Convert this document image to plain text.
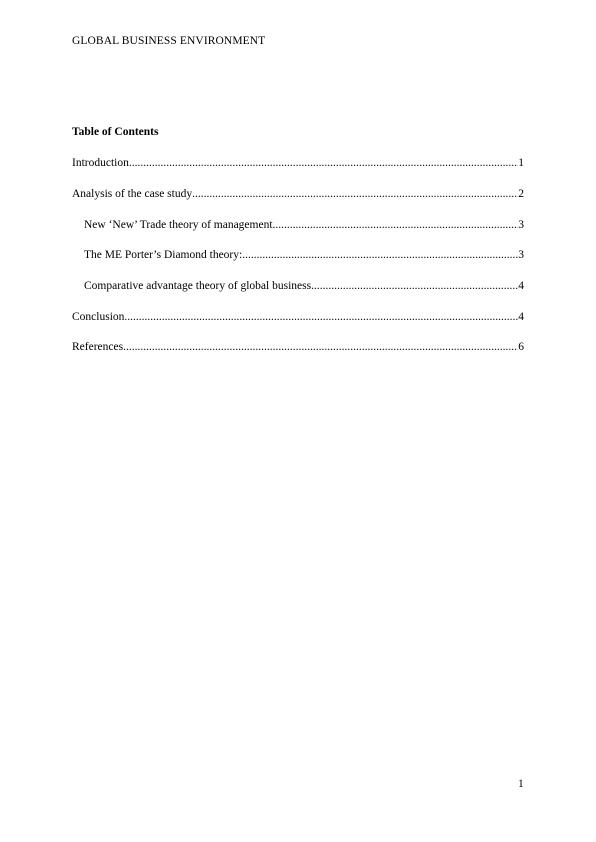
GLOBAL BUSINESS ENVIRONMENT
Table of Contents
Introduction .....	1
Analysis of the case study .....	2
New ‘New’ Trade theory of management .....	3
The ME Porter’s Diamond theory: .....	3
Comparative advantage theory of global business .....	4
Conclusion .....	4
References .....	6
1
